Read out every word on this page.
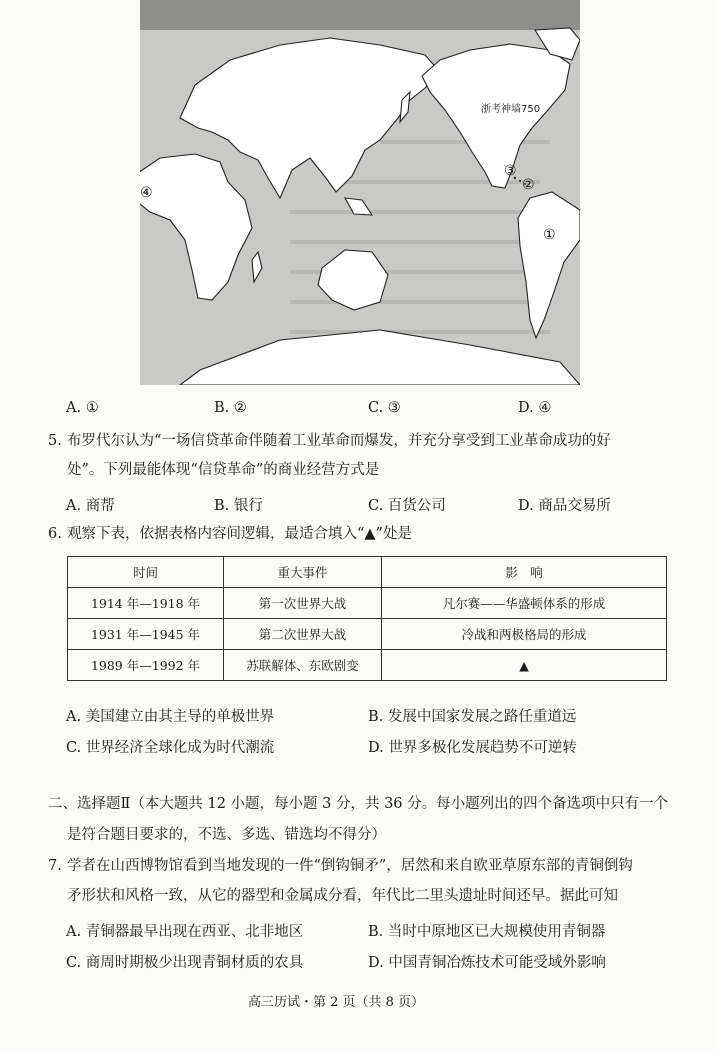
浙考神墙750
①
②
③
④
A. ①	B. ②	C. ③	D. ④
5. 布罗代尔认为“一场信贷革命伴随着工业革命而爆发，并充分享受到工业革命成功的好
处”。下列最能体现“信贷革命”的商业经营方式是
A. 商帮	B. 银行	C. 百货公司	D. 商品交易所
6. 观察下表，依据表格内容间逻辑，最适合填入“▲”处是
时间	重大事件	影　响
1914 年—1918 年	第一次世界大战	凡尔赛——华盛顿体系的形成
1931 年—1945 年	第二次世界大战	冷战和两极格局的形成
1989 年—1992 年	苏联解体、东欧剧变	▲
A. 美国建立由其主导的单极世界	B. 发展中国家发展之路任重道远
C. 世界经济全球化成为时代潮流	D. 世界多极化发展趋势不可逆转
二、选择题Ⅱ（本大题共 12 小题，每小题 3 分，共 36 分。每小题列出的四个备选项中只有一个
是符合题目要求的，不选、多选、错选均不得分）
7. 学者在山西博物馆看到当地发现的一件“倒钩铜矛”，居然和来自欧亚草原东部的青铜倒钩
矛形状和风格一致，从它的器型和金属成分看，年代比二里头遗址时间还早。据此可知
A. 青铜器最早出现在西亚、北非地区	B. 当时中原地区已大规模使用青铜器
C. 商周时期极少出现青铜材质的农具	D. 中国青铜冶炼技术可能受域外影响
高三历试・第 2 页（共 8 页）
